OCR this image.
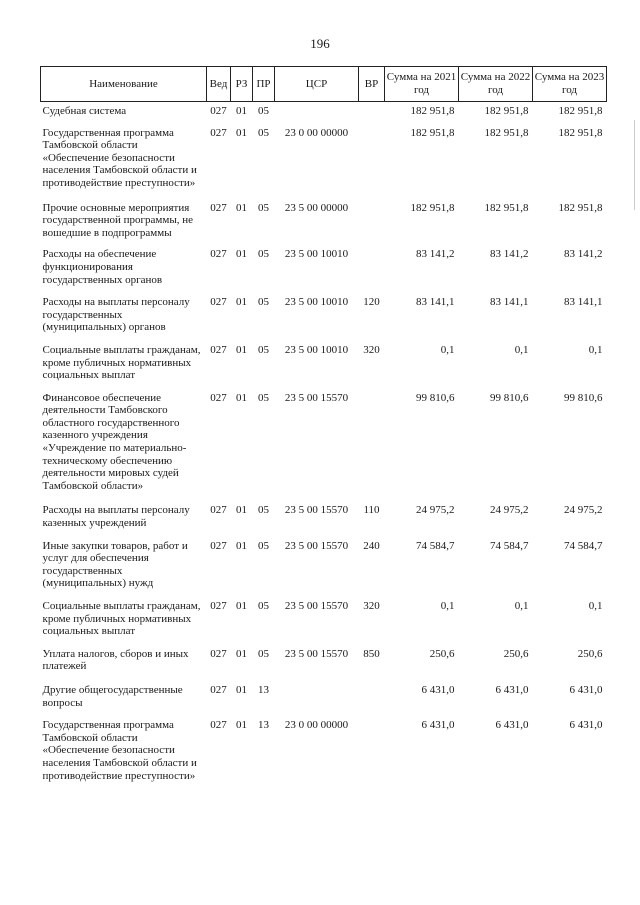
196
Наименование	Вед	РЗ	ПР	ЦСР	ВР	Сумма на 2021 год	Сумма на 2022 год	Сумма на 2023 год
Судебная система	027	01	05			182 951,8	182 951,8	182 951,8
Государственная программа Тамбовской области «Обеспечение безопасности населения Тамбовской области и противодействие преступности»	027	01	05	23 0 00 00000		182 951,8	182 951,8	182 951,8
Прочие основные мероприятия государственной программы, не вошедшие в подпрограммы	027	01	05	23 5 00 00000		182 951,8	182 951,8	182 951,8
Расходы на обеспечение функционирования государственных органов	027	01	05	23 5 00 10010		83 141,2	83 141,2	83 141,2
Расходы на выплаты персоналу государственных (муниципальных) органов	027	01	05	23 5 00 10010	120	83 141,1	83 141,1	83 141,1
Социальные выплаты гражданам, кроме публичных нормативных социальных выплат	027	01	05	23 5 00 10010	320	0,1	0,1	0,1
Финансовое обеспечение деятельности Тамбовского областного государственного казенного учреждения «Учреждение по материально-техническому обеспечению деятельности мировых судей Тамбовской области»	027	01	05	23 5 00 15570		99 810,6	99 810,6	99 810,6
Расходы на выплаты персоналу казенных учреждений	027	01	05	23 5 00 15570	110	24 975,2	24 975,2	24 975,2
Иные закупки товаров, работ и услуг для обеспечения государственных (муниципальных) нужд	027	01	05	23 5 00 15570	240	74 584,7	74 584,7	74 584,7
Социальные выплаты гражданам, кроме публичных нормативных социальных выплат	027	01	05	23 5 00 15570	320	0,1	0,1	0,1
Уплата налогов, сборов и иных платежей	027	01	05	23 5 00 15570	850	250,6	250,6	250,6
Другие общегосударственные вопросы	027	01	13			6 431,0	6 431,0	6 431,0
Государственная программа Тамбовской области «Обеспечение безопасности населения Тамбовской области и противодействие преступности»	027	01	13	23 0 00 00000		6 431,0	6 431,0	6 431,0
